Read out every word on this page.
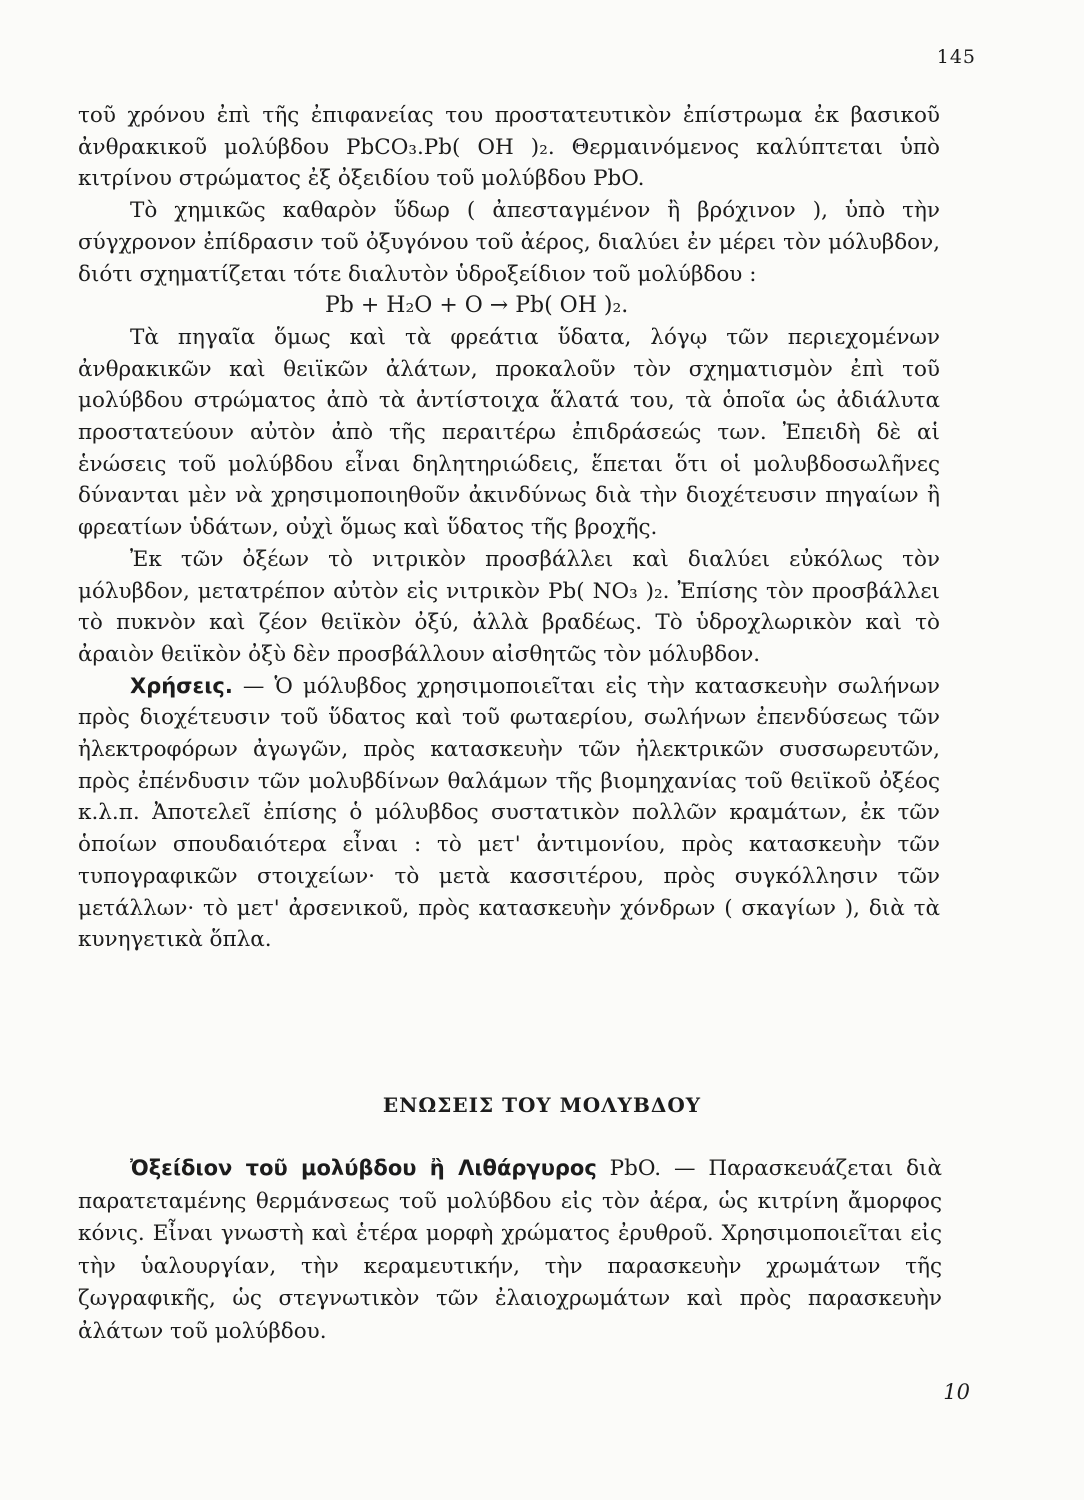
145

τοῦ χρόνου ἐπὶ τῆς ἐπιφανείας του προστατευτικὸν ἐπίστρωμα ἐκ βασικοῦ ἀνθρακικοῦ μολύβδου PbCO₃.Pb( OH )₂. Θερμαινόμενος καλύπτεται ὑπὸ κιτρίνου στρώματος ἐξ ὀξειδίου τοῦ μολύβδου PbO.

Τὸ χημικῶς καθαρὸν ὕδωρ ( ἀπεσταγμένον ἢ βρόχινον ), ὑπὸ τὴν σύγχρονον ἐπίδρασιν τοῦ ὀξυγόνου τοῦ ἀέρος, διαλύει ἐν μέρει τὸν μόλυβδον, διότι σχηματίζεται τότε διαλυτὸν ὑδροξείδιον τοῦ μολύβδου :

Pb + H₂O + O → Pb( OH )₂.

Τὰ πηγαῖα ὅμως καὶ τὰ φρεάτια ὕδατα, λόγῳ τῶν περιεχομένων ἀνθρακικῶν καὶ θειϊκῶν ἀλάτων, προκαλοῦν τὸν σχηματισμὸν ἐπὶ τοῦ μολύβδου στρώματος ἀπὸ τὰ ἀντίστοιχα ἅλατά του, τὰ ὁποῖα ὡς ἀδιάλυτα προστατεύουν αὐτὸν ἀπὸ τῆς περαιτέρω ἐπιδράσεώς των. Ἐπειδὴ δὲ αἱ ἑνώσεις τοῦ μολύβδου εἶναι δηλητηριώδεις, ἕπεται ὅτι οἱ μολυβδοσωλῆνες δύνανται μὲν νὰ χρησιμοποιηθοῦν ἀκινδύνως διὰ τὴν διοχέτευσιν πηγαίων ἢ φρεατίων ὑδάτων, οὐχὶ ὅμως καὶ ὕδατος τῆς βροχῆς.

Ἐκ τῶν ὀξέων τὸ νιτρικὸν προσβάλλει καὶ διαλύει εὐκόλως τὸν μόλυβδον, μετατρέπον αὐτὸν εἰς νιτρικὸν Pb( NO₃ )₂. Ἐπίσης τὸν προσβάλλει τὸ πυκνὸν καὶ ζέον θειϊκὸν ὀξύ, ἀλλὰ βραδέως. Τὸ ὑδροχλωρικὸν καὶ τὸ ἀραιὸν θειϊκὸν ὀξὺ δὲν προσβάλλουν αἰσθητῶς τὸν μόλυβδον.

Χρήσεις. — Ὁ μόλυβδος χρησιμοποιεῖται εἰς τὴν κατασκευὴν σωλήνων πρὸς διοχέτευσιν τοῦ ὕδατος καὶ τοῦ φωταερίου, σωλήνων ἐπενδύσεως τῶν ἠλεκτροφόρων ἀγωγῶν, πρὸς κατασκευὴν τῶν ἠλεκτρικῶν συσσωρευτῶν, πρὸς ἐπένδυσιν τῶν μολυβδίνων θαλάμων τῆς βιομηχανίας τοῦ θειϊκοῦ ὀξέος κ.λ.π. Ἀποτελεῖ ἐπίσης ὁ μόλυβδος συστατικὸν πολλῶν κραμάτων, ἐκ τῶν ὁποίων σπουδαιότερα εἶναι : τὸ μετ' ἀντιμονίου, πρὸς κατασκευὴν τῶν τυπογραφικῶν στοιχείων· τὸ μετὰ κασσιτέρου, πρὸς συγκόλλησιν τῶν μετάλλων· τὸ μετ' ἀρσενικοῦ, πρὸς κατασκευὴν χόνδρων ( σκαγίων ), διὰ τὰ κυνηγετικὰ ὅπλα.

ΕΝΩΣΕΙΣ ΤΟΥ ΜΟΛΥΒΔΟΥ

Ὀξείδιον τοῦ μολύβδου ἢ Λιθάργυρος PbO. — Παρασκευάζεται διὰ παρατεταμένης θερμάνσεως τοῦ μολύβδου εἰς τὸν ἀέρα, ὡς κιτρίνη ἄμορφος κόνις. Εἶναι γνωστὴ καὶ ἑτέρα μορφὴ χρώματος ἐρυθροῦ. Χρησιμοποιεῖται εἰς τὴν ὑαλουργίαν, τὴν κεραμευτικήν, τὴν παρασκευὴν χρωμάτων τῆς ζωγραφικῆς, ὡς στεγνωτικὸν τῶν ἐλαιοχρωμάτων καὶ πρὸς παρασκευὴν ἀλάτων τοῦ μολύβδου.

10
